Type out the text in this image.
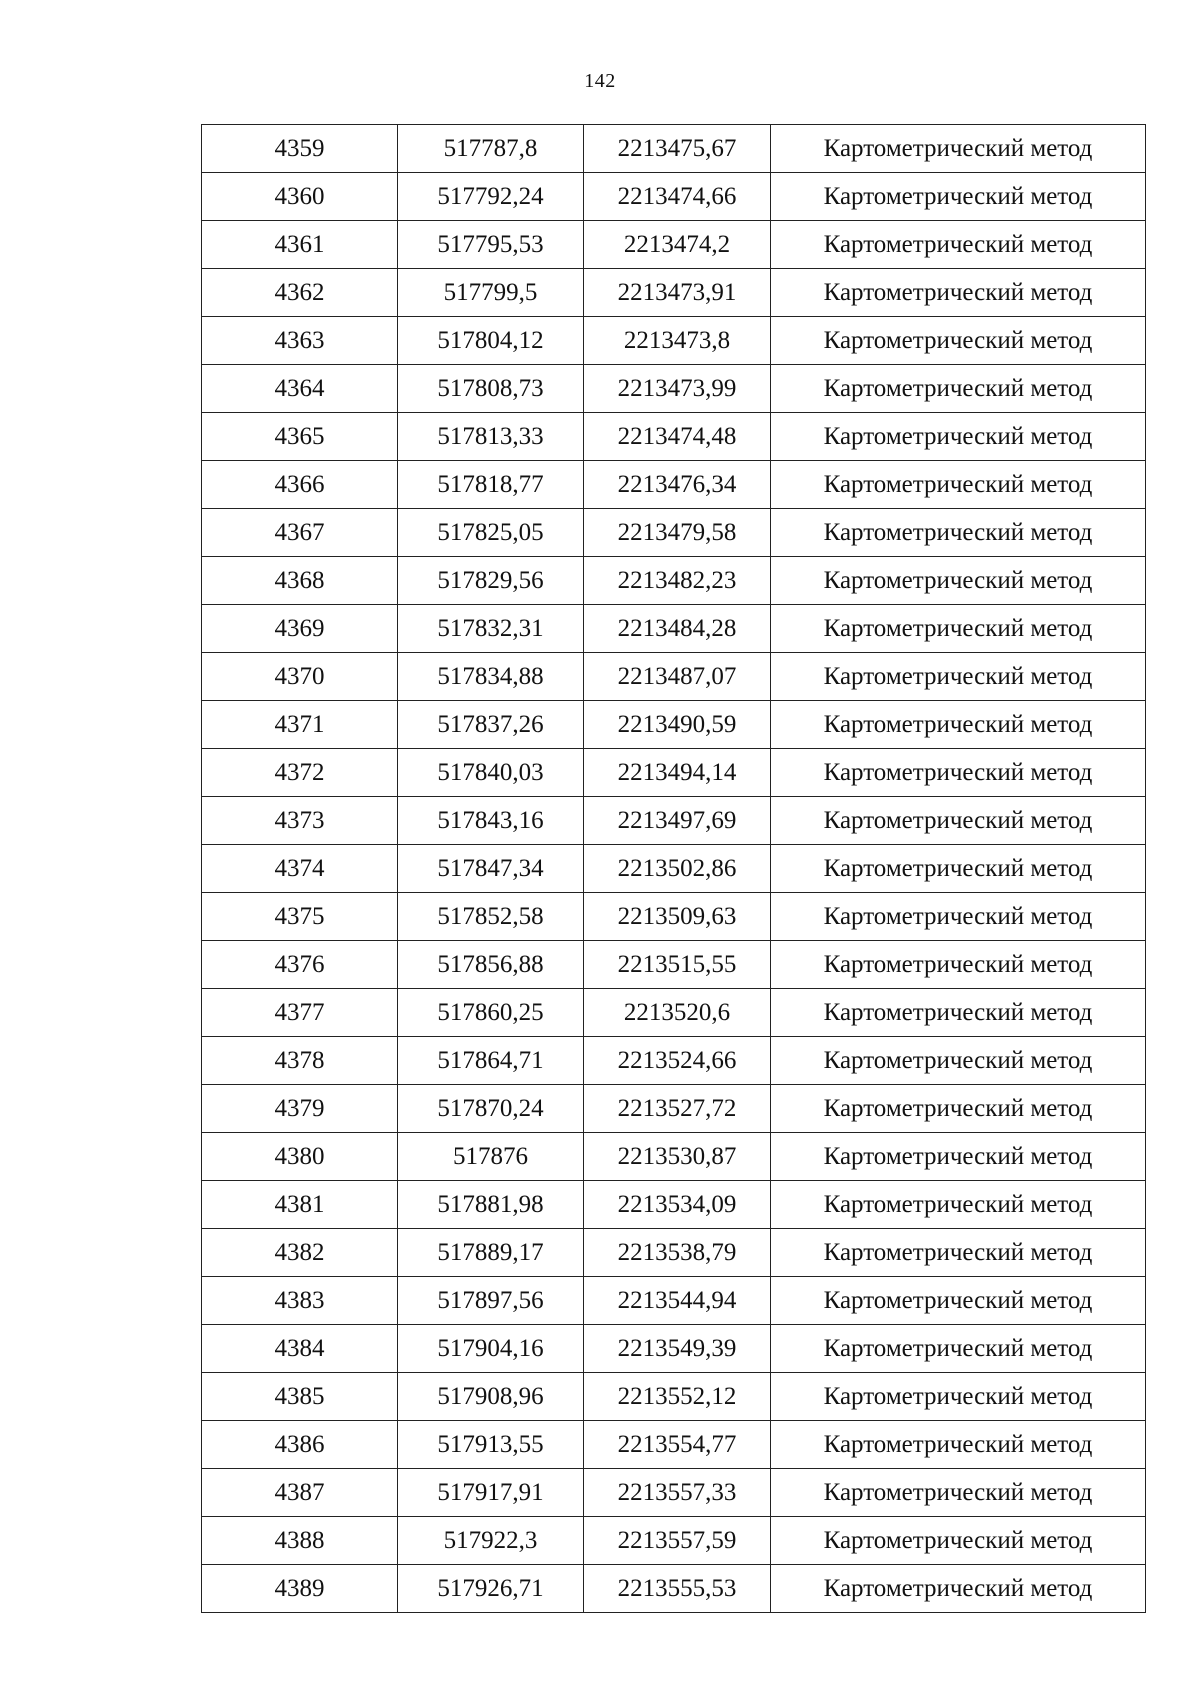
142
4359	517787,8	2213475,67	Картометрический метод
4360	517792,24	2213474,66	Картометрический метод
4361	517795,53	2213474,2	Картометрический метод
4362	517799,5	2213473,91	Картометрический метод
4363	517804,12	2213473,8	Картометрический метод
4364	517808,73	2213473,99	Картометрический метод
4365	517813,33	2213474,48	Картометрический метод
4366	517818,77	2213476,34	Картометрический метод
4367	517825,05	2213479,58	Картометрический метод
4368	517829,56	2213482,23	Картометрический метод
4369	517832,31	2213484,28	Картометрический метод
4370	517834,88	2213487,07	Картометрический метод
4371	517837,26	2213490,59	Картометрический метод
4372	517840,03	2213494,14	Картометрический метод
4373	517843,16	2213497,69	Картометрический метод
4374	517847,34	2213502,86	Картометрический метод
4375	517852,58	2213509,63	Картометрический метод
4376	517856,88	2213515,55	Картометрический метод
4377	517860,25	2213520,6	Картометрический метод
4378	517864,71	2213524,66	Картометрический метод
4379	517870,24	2213527,72	Картометрический метод
4380	517876	2213530,87	Картометрический метод
4381	517881,98	2213534,09	Картометрический метод
4382	517889,17	2213538,79	Картометрический метод
4383	517897,56	2213544,94	Картометрический метод
4384	517904,16	2213549,39	Картометрический метод
4385	517908,96	2213552,12	Картометрический метод
4386	517913,55	2213554,77	Картометрический метод
4387	517917,91	2213557,33	Картометрический метод
4388	517922,3	2213557,59	Картометрический метод
4389	517926,71	2213555,53	Картометрический метод
